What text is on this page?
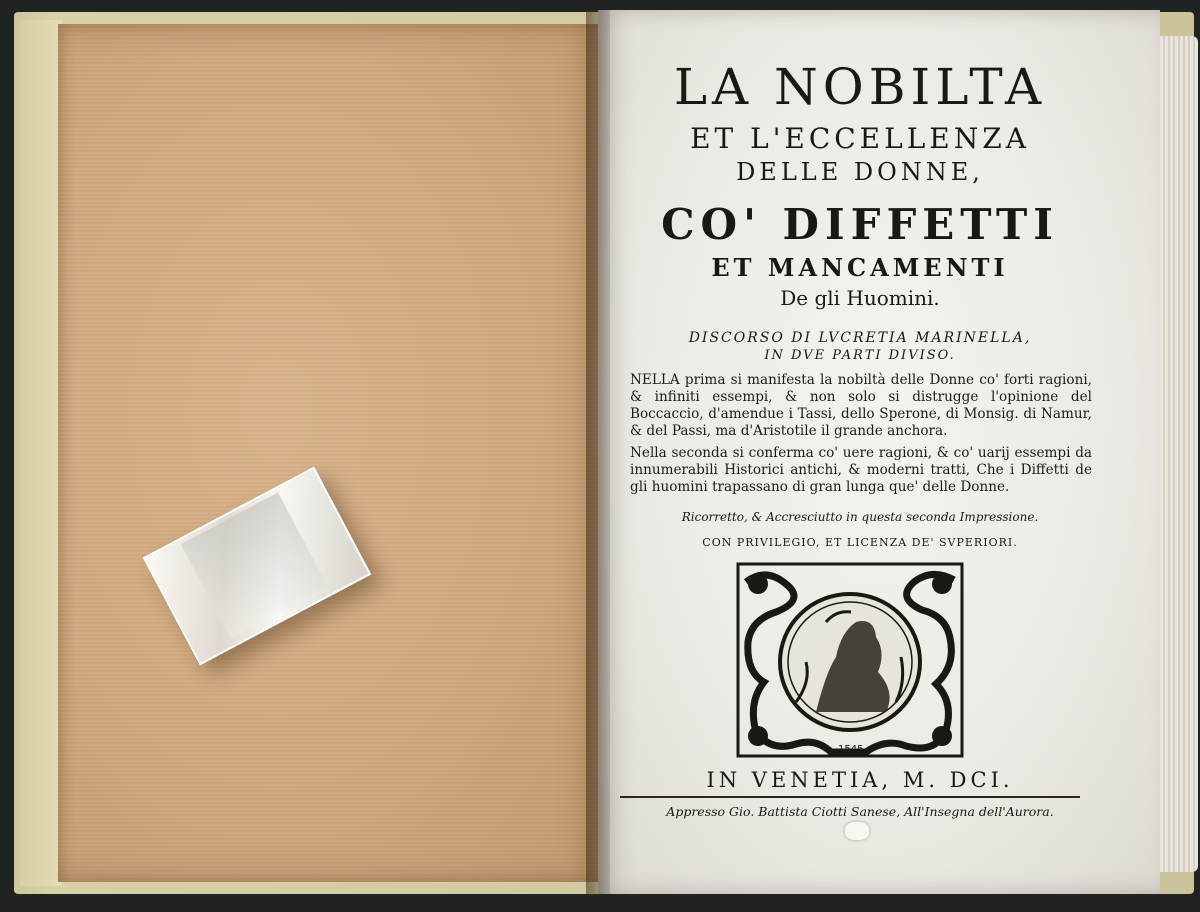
LA NOBILTA
ET L'ECCELLENZA
DELLE DONNE,
CO' DIFFETTI
ET MANCAMENTI
De gli Huomini.
DISCORSO DI LVCRETIA MARINELLA,
IN DVE PARTI DIVISO.
NELLA prima si manifesta la nobiltà delle Donne co' forti ragioni, & infiniti essempi, & non solo si distrugge l'opinione del Boccaccio, d'amendue i Tassi, dello Sperone, di Monsig. di Namur, & del Passi, ma d'Aristotile il grande anchora.
Nella seconda si conferma co' uere ragioni, & co' uarij essempi da innumerabili Historici antichi, & moderni tratti, Che i Diffetti de gli huomini trapassano di gran lunga que' delle Donne.
Ricorretto, & Accresciutto in questa seconda Impressione.
CON PRIVILEGIO, ET LICENZA DE' SVPERIORI.
IN VENETIA, M. DCI.
Appresso Gio. Battista Ciotti Sanese, All'Insegna dell'Aurora.
1545
